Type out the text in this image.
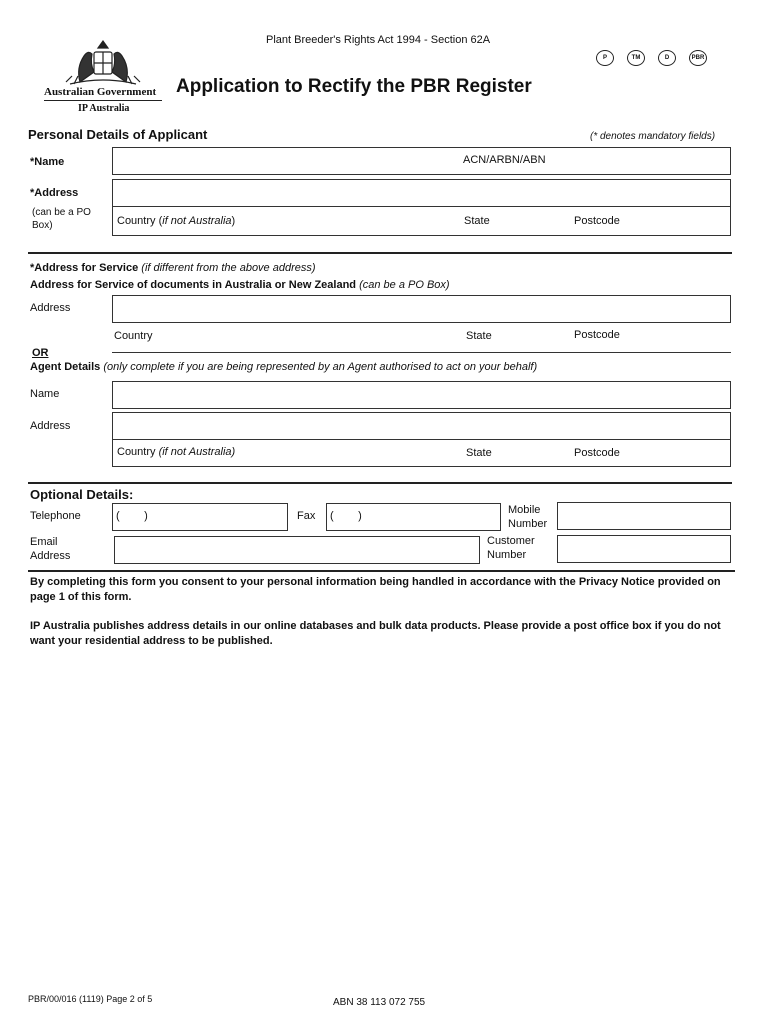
Australian Government
IP Australia
Plant Breeder's Rights Act 1994 - Section 62A
Application to Rectify the PBR Register
P	TM	D	PBR
Personal Details of Applicant	(* denotes mandatory fields)
*Name	ACN/ARBN/ABN
*Address
(can be a PO Box)	Country (if not Australia)	State	Postcode
*Address for Service (if different from the above address)
Address for Service of documents in Australia or New Zealand (can be a PO Box)
Address
Country	State	Postcode
OR
Agent Details (only complete if you are being represented by an Agent authorised to act on your behalf)
Name
Address
Country (if not Australia)	State	Postcode
Optional Details:
Telephone	(        )	Fax (        )	Mobile
Number
Email
Address
Customer
Number
By completing this form you consent to your personal information being handled in accordance with the Privacy Notice provided on page 1 of this form.
IP Australia publishes address details in our online databases and bulk data products. Please provide a post office box if you do not want your residential address to be published.
PBR/00/016 (1119) Page 2 of 5	ABN 38 113 072 755
